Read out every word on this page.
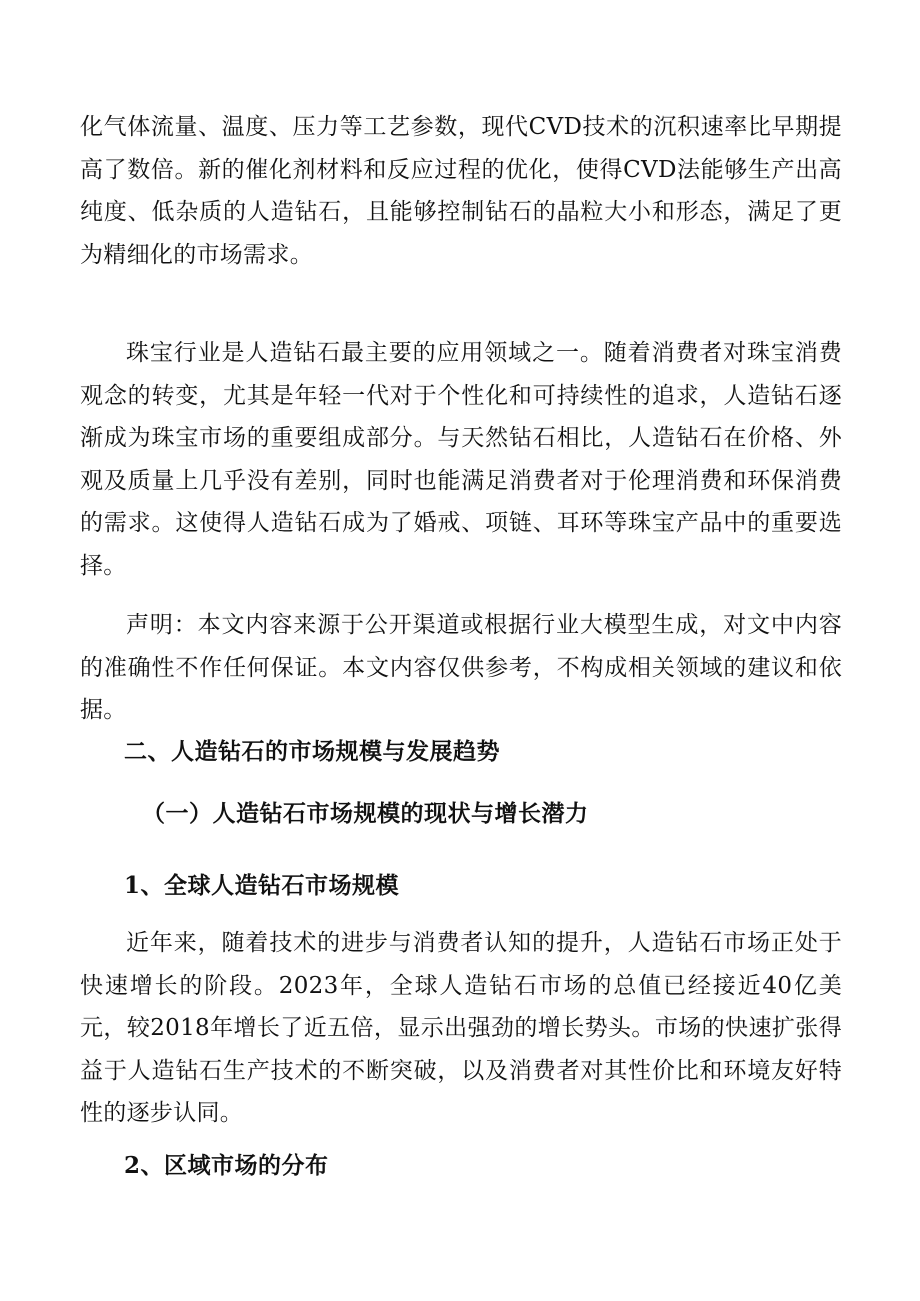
化气体流量、温度、压力等工艺参数，现代CVD技术的沉积速率比早期提高了数倍。新的催化剂材料和反应过程的优化，使得CVD法能够生产出高纯度、低杂质的人造钻石，且能够控制钻石的晶粒大小和形态，满足了更为精细化的市场需求。

珠宝行业是人造钻石最主要的应用领域之一。随着消费者对珠宝消费观念的转变，尤其是年轻一代对于个性化和可持续性的追求，人造钻石逐渐成为珠宝市场的重要组成部分。与天然钻石相比，人造钻石在价格、外观及质量上几乎没有差别，同时也能满足消费者对于伦理消费和环保消费的需求。这使得人造钻石成为了婚戒、项链、耳环等珠宝产品中的重要选择。

声明：本文内容来源于公开渠道或根据行业大模型生成，对文中内容的准确性不作任何保证。本文内容仅供参考，不构成相关领域的建议和依据。

二、人造钻石的市场规模与发展趋势
（一）人造钻石市场规模的现状与增长潜力
1、全球人造钻石市场规模

近年来，随着技术的进步与消费者认知的提升，人造钻石市场正处于快速增长的阶段。2023年，全球人造钻石市场的总值已经接近40亿美元，较2018年增长了近五倍，显示出强劲的增长势头。市场的快速扩张得益于人造钻石生产技术的不断突破，以及消费者对其性价比和环境友好特性的逐步认同。

2、区域市场的分布
